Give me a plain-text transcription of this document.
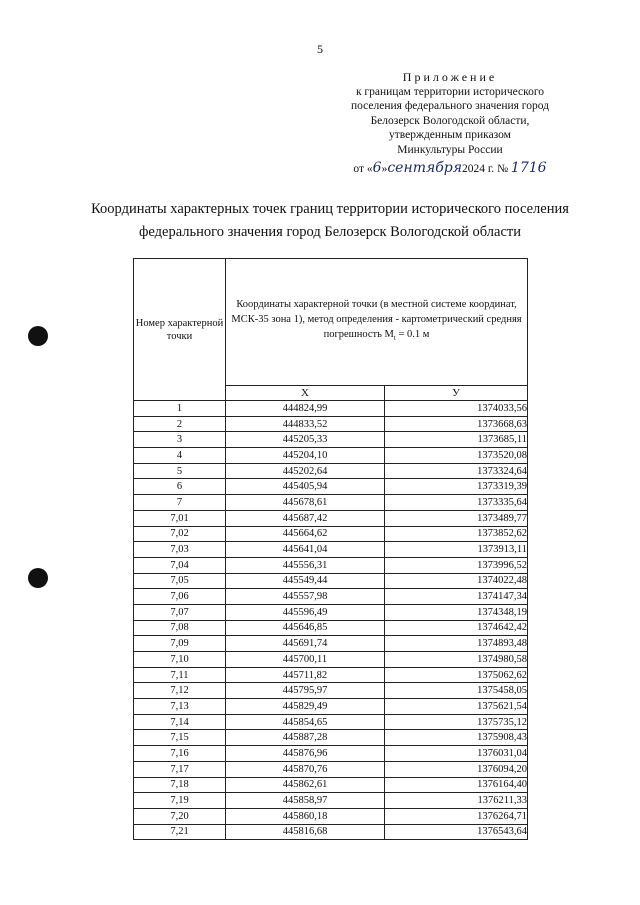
5
Приложение
к границам территории исторического
поселения федерального значения город
Белозерск Вологодской области,
утвержденным приказом
Минкультуры России
от «6»сентября2024 г. № 1716
Координаты характерных точек границ территории исторического поселения федерального значения город Белозерск Вологодской области
Номер характерной точки	Координаты характерной точки (в местной системе координат, МСК-35 зона 1), метод определения - картометрический средняя погрешность $M_t = 0.1$ м	
	X	У
1	444824,99	1374033,56
2	444833,52	1373668,63
3	445205,33	1373685,11
4	445204,10	1373520,08
5	445202,64	1373324,64
6	445405,94	1373319,39
7	445678,61	1373335,64
7,01	445687,42	1373489,77
7,02	445664,62	1373852,62
7,03	445641,04	1373913,11
7,04	445556,31	1373996,52
7,05	445549,44	1374022,48
7,06	445557,98	1374147,34
7,07	445596,49	1374348,19
7,08	445646,85	1374642,42
7,09	445691,74	1374893,48
7,10	445700,11	1374980,58
7,11	445711,82	1375062,62
7,12	445795,97	1375458,05
7,13	445829,49	1375621,54
7,14	445854,65	1375735,12
7,15	445887,28	1375908,43
7,16	445876,96	1376031,04
7,17	445870,76	1376094,20
7,18	445862,61	1376164,40
7,19	445858,97	1376211,33
7,20	445860,18	1376264,71
7,21	445816,68	1376543,64
